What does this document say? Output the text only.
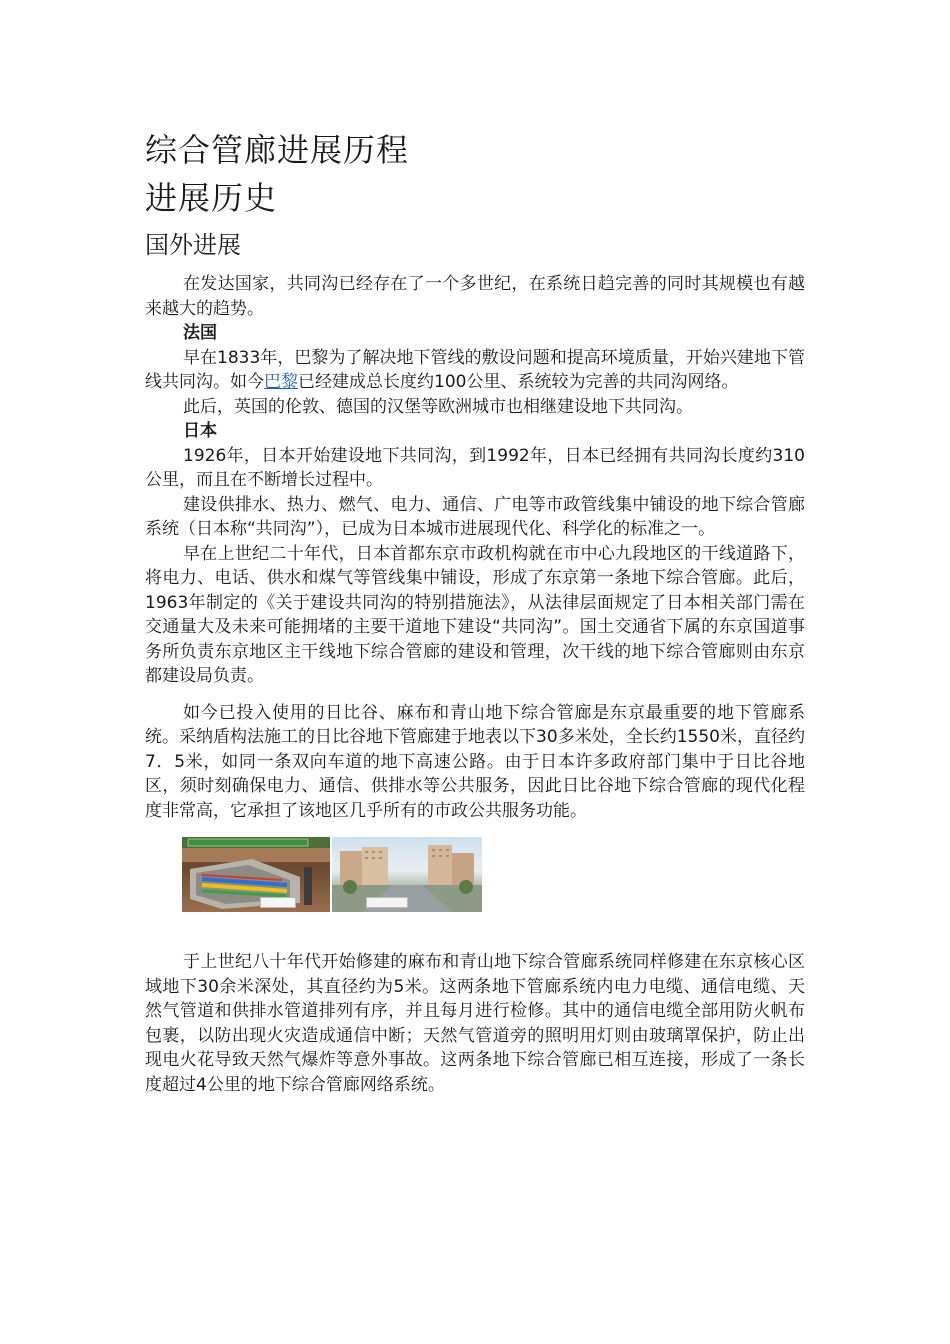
综合管廊进展历程
进展历史
国外进展

在发达国家，共同沟已经存在了一个多世纪，在系统日趋完善的同时其规模也有越来越大的趋势。

法国

早在1833年，巴黎为了解决地下管线的敷设问题和提高环境质量，开始兴建地下管线共同沟。如今巴黎已经建成总长度约100公里、系统较为完善的共同沟网络。

此后，英国的伦敦、德国的汉堡等欧洲城市也相继建设地下共同沟。

日本

1926年，日本开始建设地下共同沟，到1992年，日本已经拥有共同沟长度约310公里，而且在不断增长过程中。

建设供排水、热力、燃气、电力、通信、广电等市政管线集中铺设的地下综合管廊系统（日本称“共同沟”），已成为日本城市进展现代化、科学化的标准之一。

早在上世纪二十年代，日本首都东京市政机构就在市中心九段地区的干线道路下，将电力、电话、供水和煤气等管线集中铺设，形成了东京第一条地下综合管廊。此后，1963年制定的《关于建设共同沟的特别措施法》，从法律层面规定了日本相关部门需在交通量大及未来可能拥堵的主要干道地下建设“共同沟”。国土交通省下属的东京国道事务所负责东京地区主干线地下综合管廊的建设和管理，次干线的地下综合管廊则由东京都建设局负责。

如今已投入使用的日比谷、麻布和青山地下综合管廊是东京最重要的地下管廊系统。采纳盾构法施工的日比谷地下管廊建于地表以下30多米处，全长约1550米，直径约7．5米，如同一条双向车道的地下高速公路。由于日本许多政府部门集中于日比谷地区，须时刻确保电力、通信、供排水等公共服务，因此日比谷地下综合管廊的现代化程度非常高，它承担了该地区几乎所有的市政公共服务功能。

于上世纪八十年代开始修建的麻布和青山地下综合管廊系统同样修建在东京核心区域地下30余米深处，其直径约为5米。这两条地下管廊系统内电力电缆、通信电缆、天然气管道和供排水管道排列有序，并且每月进行检修。其中的通信电缆全部用防火帆布包裹，以防出现火灾造成通信中断；天然气管道旁的照明用灯则由玻璃罩保护，防止出现电火花导致天然气爆炸等意外事故。这两条地下综合管廊已相互连接，形成了一条长度超过4公里的地下综合管廊网络系统。
